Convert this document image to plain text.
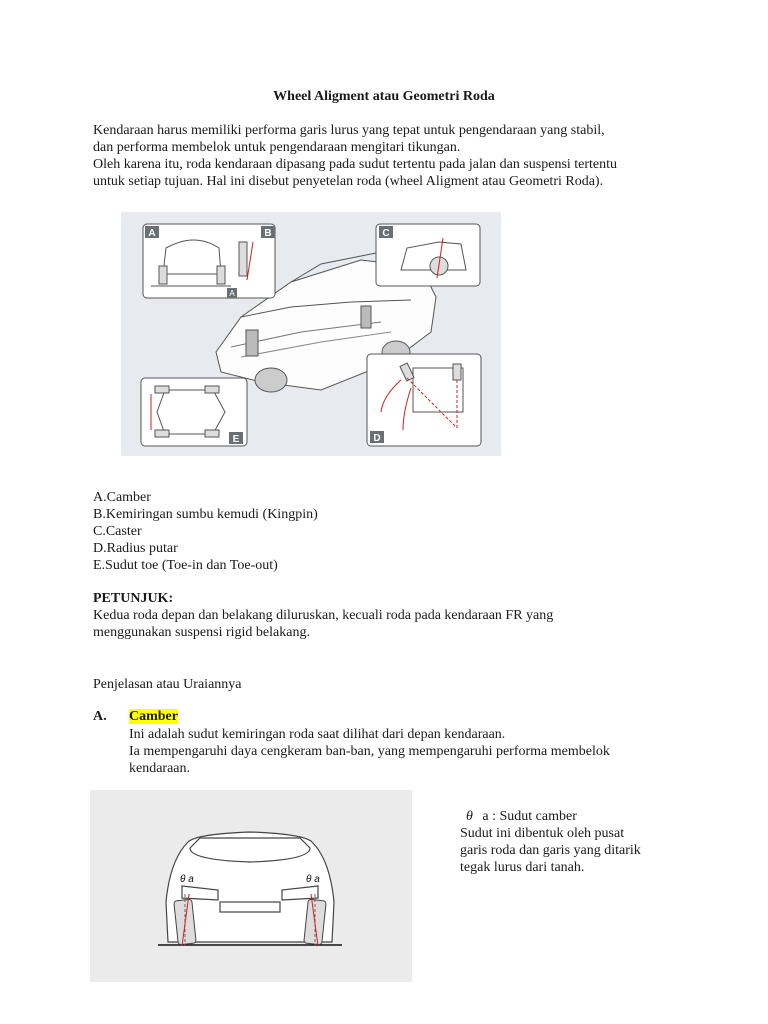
Wheel Aligment atau Geometri Roda
Kendaraan harus memiliki performa garis lurus yang tepat untuk pengendaraan yang stabil,
dan performa membelok untuk pengendaraan mengitari tikungan.
Oleh karena itu, roda kendaraan dipasang pada sudut tertentu pada jalan dan suspensi tertentu
untuk setiap tujuan. Hal ini disebut penyetelan roda (wheel Aligment atau Geometri Roda).
A	B	C
D
E
A
A.Camber
B.Kemiringan sumbu kemudi (Kingpin)
C.Caster
D.Radius putar
E.Sudut toe (Toe-in dan Toe-out)
PETUNJUK:
Kedua roda depan dan belakang diluruskan, kecuali roda pada kendaraan FR yang
menggunakan suspensi rigid belakang.
Penjelasan atau Uraiannya
A. Camber
Ini adalah sudut kemiringan roda saat dilihat dari depan kendaraan.
Ia mempengaruhi daya cengkeram ban-ban, yang mempengaruhi performa membelok
kendaraan.
θ a	θ a
θ a : Sudut camber
Sudut ini dibentuk oleh pusat
garis roda dan garis yang ditarik
tegak lurus dari tanah.
